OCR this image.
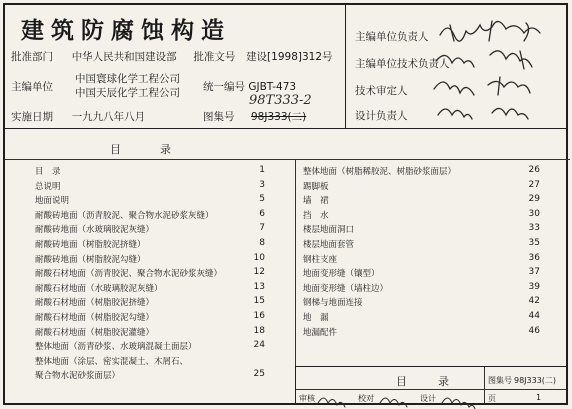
建筑防腐蚀构造
批准部门 中华人民共和国建设部 批准文号 建设[1998]312号
主编单位
中国寰球化学工程公司
中国天辰化学工程公司 统一编号 GJBT-473
实施日期 一九九八年八月	图集号 98J333(二)
98T333-2
主编单位负责人
主编单位技术负责人
技术审定人
设计负责人
目　录
目　录	1
总说明	3
地面说明	5
耐酸砖地面（沥青胶泥、聚合物水泥砂浆灰缝）	6
耐酸砖地面（水玻璃胶泥灰缝）	7
耐酸砖地面（树脂胶泥挤缝）	8
耐酸砖地面（树脂胶泥勾缝）	10
耐酸石材地面（沥青胶泥、聚合物水泥砂浆灰缝）	12
耐酸石材地面（水玻璃胶泥灰缝）	13
耐酸石材地面（树脂胶泥挤缝）	15
耐酸石材地面（树脂胶泥勾缝）	16
耐酸石材地面（树脂胶泥灌缝）	18
整体地面（沥青砂浆、水玻璃混凝土面层）	24
整体地面（涂层、密实混凝土、木屑石、
聚合物水泥砂浆面层）	25
整体地面（树脂稀胶泥、树脂砂浆面层）	26
踢脚板	27
墙　裙	29
挡　水	30
楼层地面洞口	33
楼层地面套管	35
钢柱支座	36
地面变形缝（镶型）	37
地面变形缝（墙柱边）	39
钢梯与地面连接	42
地　漏	44
地漏配件	46
目　录	图集号 98J333(二)
审核	校对	设计	页	1
